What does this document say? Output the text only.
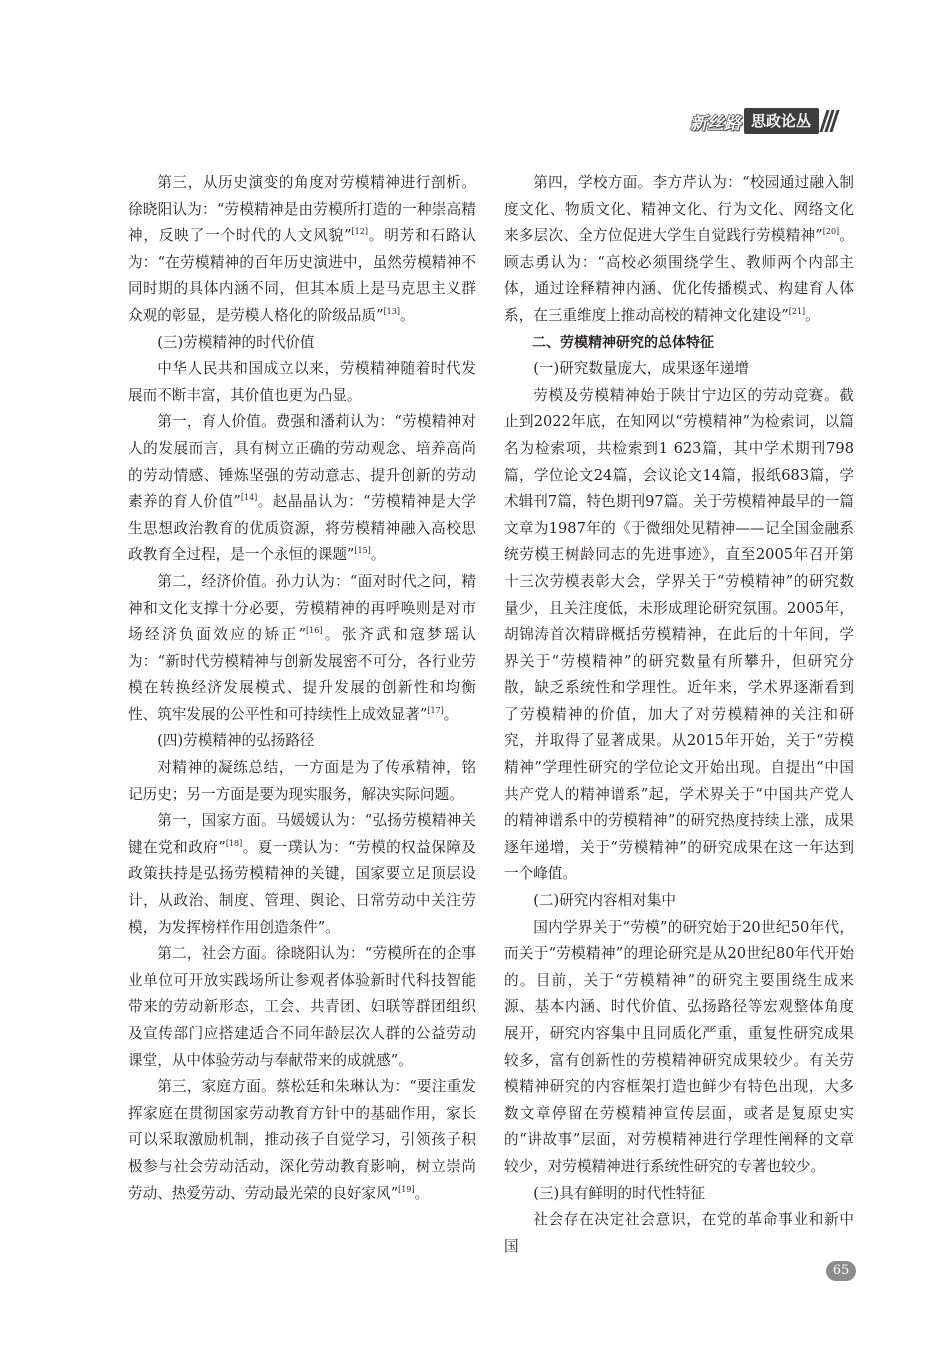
新丝路 思政论丛

第三，从历史演变的角度对劳模精神进行剖析。徐晓阳认为：“劳模精神是由劳模所打造的一种崇高精神，反映了一个时代的人文风貌”[12]。明芳和石路认为：“在劳模精神的百年历史演进中，虽然劳模精神不同时期的具体内涵不同，但其本质上是马克思主义群众观的彰显，是劳模人格化的阶级品质”[13]。

(三)劳模精神的时代价值

中华人民共和国成立以来，劳模精神随着时代发展而不断丰富，其价值也更为凸显。

第一，育人价值。费强和潘莉认为：“劳模精神对人的发展而言，具有树立正确的劳动观念、培养高尚的劳动情感、锤炼坚强的劳动意志、提升创新的劳动素养的育人价值”[14]。赵晶晶认为：“劳模精神是大学生思想政治教育的优质资源，将劳模精神融入高校思政教育全过程，是一个永恒的课题”[15]。

第二，经济价值。孙力认为：“面对时代之问，精神和文化支撑十分必要，劳模精神的再呼唤则是对市场经济负面效应的矫正”[16]。张齐武和寇梦瑶认为：“新时代劳模精神与创新发展密不可分，各行业劳模在转换经济发展模式、提升发展的创新性和均衡性、筑牢发展的公平性和可持续性上成效显著”[17]。

(四)劳模精神的弘扬路径

对精神的凝练总结，一方面是为了传承精神，铭记历史；另一方面是要为现实服务，解决实际问题。

第一，国家方面。马媛媛认为：“弘扬劳模精神关键在党和政府”[18]。夏一璞认为：“劳模的权益保障及政策扶持是弘扬劳模精神的关键，国家要立足顶层设计，从政治、制度、管理、舆论、日常劳动中关注劳模，为发挥榜样作用创造条件”。

第二，社会方面。徐晓阳认为：“劳模所在的企事业单位可开放实践场所让参观者体验新时代科技智能带来的劳动新形态，工会、共青团、妇联等群团组织及宣传部门应搭建适合不同年龄层次人群的公益劳动课堂，从中体验劳动与奉献带来的成就感”。

第三，家庭方面。蔡松廷和朱琳认为：“要注重发挥家庭在贯彻国家劳动教育方针中的基础作用，家长可以采取激励机制，推动孩子自觉学习，引领孩子积极参与社会劳动活动，深化劳动教育影响，树立崇尚劳动、热爱劳动、劳动最光荣的良好家风”[19]。

第四，学校方面。李方芹认为：“校园通过融入制度文化、物质文化、精神文化、行为文化、网络文化来多层次、全方位促进大学生自觉践行劳模精神”[20]。顾志勇认为：“高校必须围绕学生、教师两个内部主体，通过诠释精神内涵、优化传播模式、构建育人体系，在三重维度上推动高校的精神文化建设”[21]。

二、劳模精神研究的总体特征

(一)研究数量庞大，成果逐年递增

劳模及劳模精神始于陕甘宁边区的劳动竞赛。截止到2022年底，在知网以“劳模精神”为检索词，以篇名为检索项，共检索到1 623篇，其中学术期刊798篇，学位论文24篇，会议论文14篇，报纸683篇，学术辑刊7篇，特色期刊97篇。关于劳模精神最早的一篇文章为1987年的《于微细处见精神——记全国金融系统劳模王树龄同志的先进事迹》，直至2005年召开第十三次劳模表彰大会，学界关于“劳模精神”的研究数量少，且关注度低，未形成理论研究氛围。2005年，胡锦涛首次精辟概括劳模精神，在此后的十年间，学界关于“劳模精神”的研究数量有所攀升，但研究分散，缺乏系统性和学理性。近年来，学术界逐渐看到了劳模精神的价值，加大了对劳模精神的关注和研究，并取得了显著成果。从2015年开始，关于“劳模精神”学理性研究的学位论文开始出现。自提出“中国共产党人的精神谱系”起，学术界关于“中国共产党人的精神谱系中的劳模精神”的研究热度持续上涨，成果逐年递增，关于“劳模精神”的研究成果在这一年达到一个峰值。

(二)研究内容相对集中

国内学界关于“劳模”的研究始于20世纪50年代，而关于“劳模精神”的理论研究是从20世纪80年代开始的。目前，关于“劳模精神”的研究主要围绕生成来源、基本内涵、时代价值、弘扬路径等宏观整体角度展开，研究内容集中且同质化严重，重复性研究成果较多，富有创新性的劳模精神研究成果较少。有关劳模精神研究的内容框架打造也鲜少有特色出现，大多数文章停留在劳模精神宣传层面，或者是复原史实的“讲故事”层面，对劳模精神进行学理性阐释的文章较少，对劳模精神进行系统性研究的专著也较少。

(三)具有鲜明的时代性特征

社会存在决定社会意识，在党的革命事业和新中国

65
